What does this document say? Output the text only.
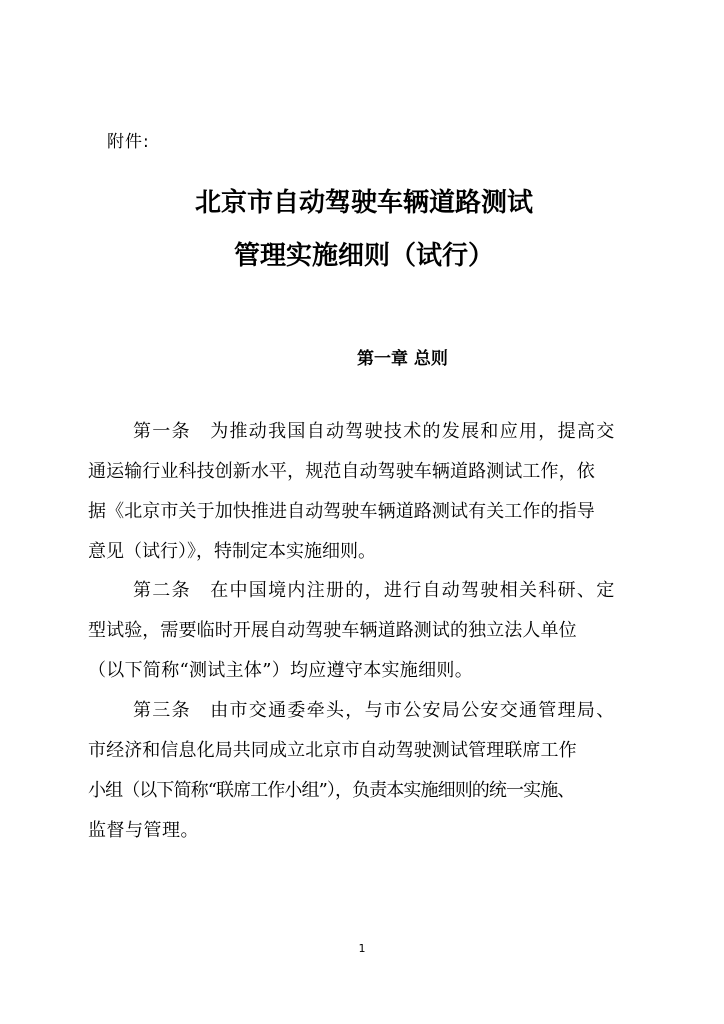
附件:
北京市自动驾驶车辆道路测试
管理实施细则（试行）
第一章 总则
第一条　为推动我国自动驾驶技术的发展和应用，提高交
通运输行业科技创新水平，规范自动驾驶车辆道路测试工作，依
据《北京市关于加快推进自动驾驶车辆道路测试有关工作的指导
意见（试行）》，特制定本实施细则。
第二条　在中国境内注册的，进行自动驾驶相关科研、定
型试验，需要临时开展自动驾驶车辆道路测试的独立法人单位
（以下简称“测试主体”）均应遵守本实施细则。
第三条　由市交通委牵头，与市公安局公安交通管理局、
市经济和信息化局共同成立北京市自动驾驶测试管理联席工作
小组（以下简称“联席工作小组”），负责本实施细则的统一实施、
监督与管理。
1
